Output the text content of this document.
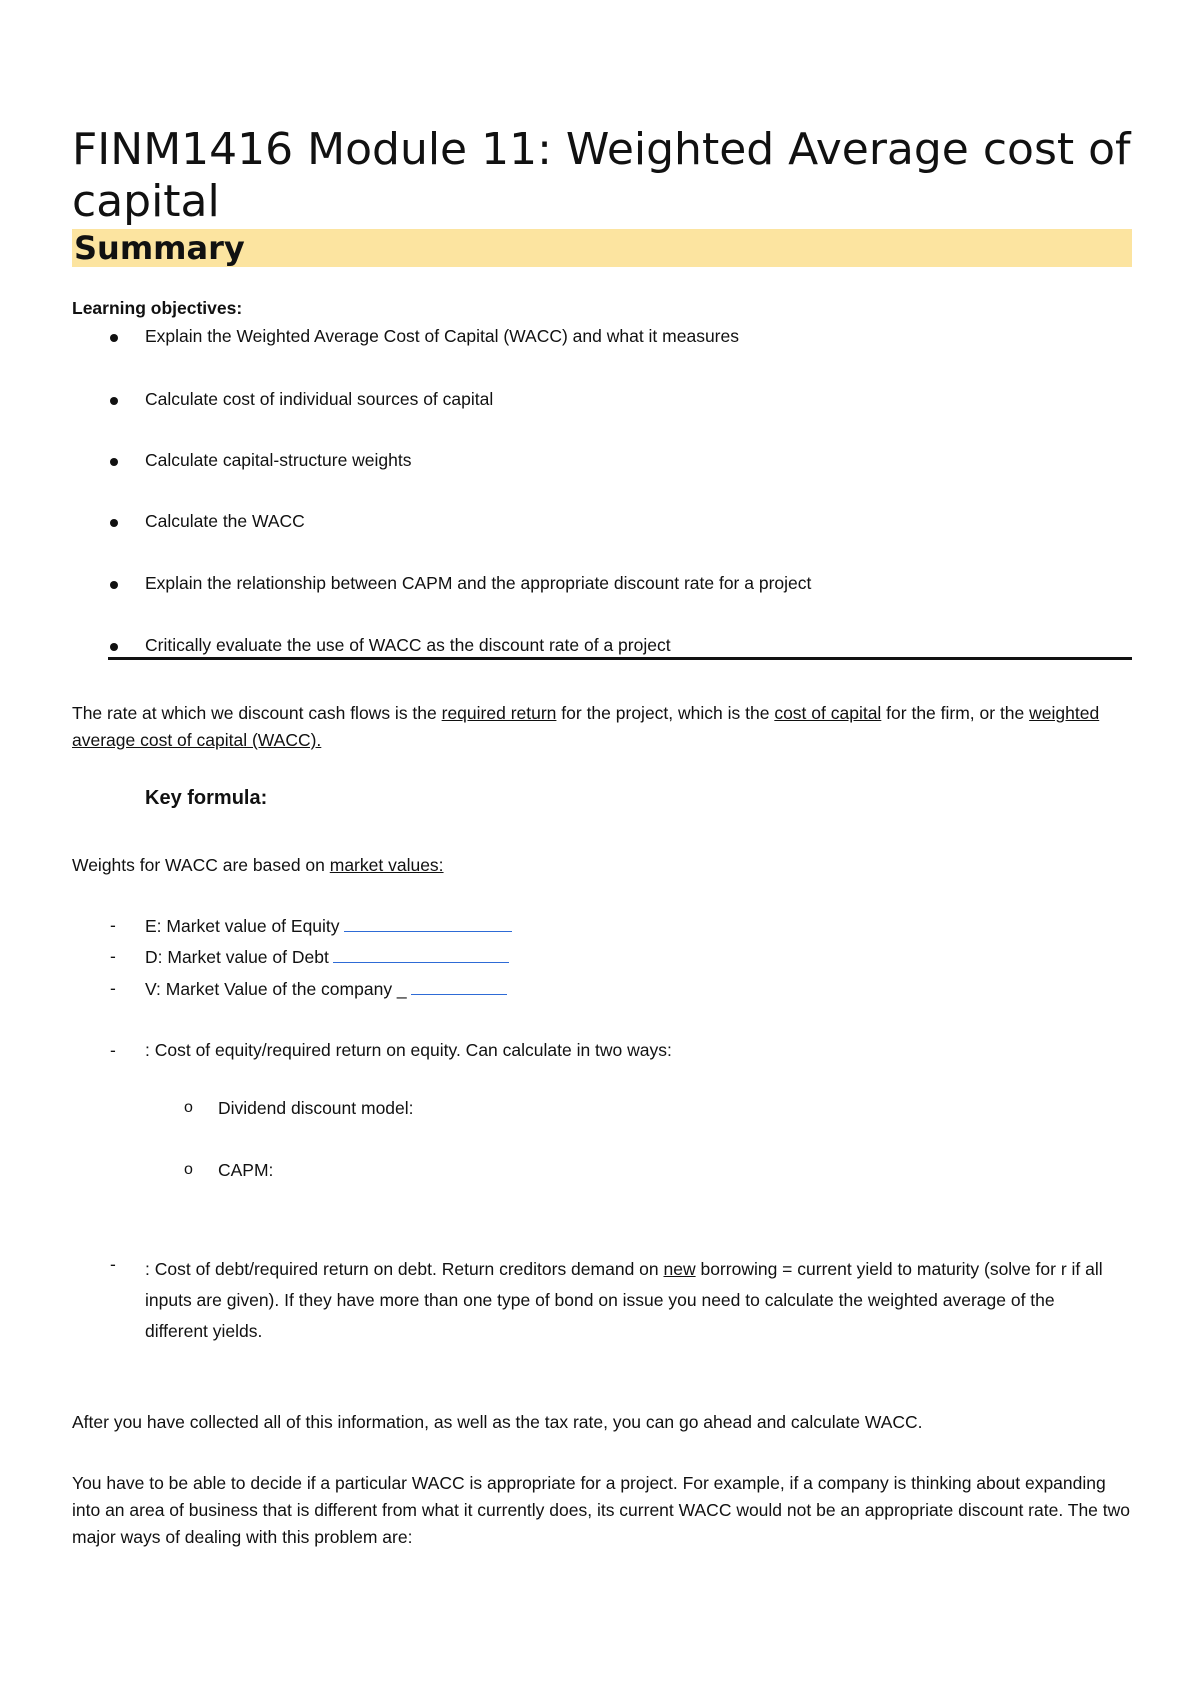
FINM1416 Module 11: Weighted Average cost of capital
Summary
Learning objectives:
Explain the Weighted Average Cost of Capital (WACC) and what it measures
Calculate cost of individual sources of capital
Calculate capital-structure weights
Calculate the WACC
Explain the relationship between CAPM and the appropriate discount rate for a project
Critically evaluate the use of WACC as the discount rate of a project
The rate at which we discount cash flows is the required return for the project, which is the cost of capital for the firm, or the weighted average cost of capital (WACC).
Key formula:
Weights for WACC are based on market values:
- E: Market value of Equity
- D: Market value of Debt
- V: Market Value of the company _
- : Cost of equity/required return on equity. Can calculate in two ways:
o Dividend discount model:
o CAPM:
- : Cost of debt/required return on debt. Return creditors demand on new borrowing = current yield to maturity (solve for r if all inputs are given). If they have more than one type of bond on issue you need to calculate the weighted average of the different yields.
After you have collected all of this information, as well as the tax rate, you can go ahead and calculate WACC.
You have to be able to decide if a particular WACC is appropriate for a project. For example, if a company is thinking about expanding into an area of business that is different from what it currently does, its current WACC would not be an appropriate discount rate. The two major ways of dealing with this problem are:
